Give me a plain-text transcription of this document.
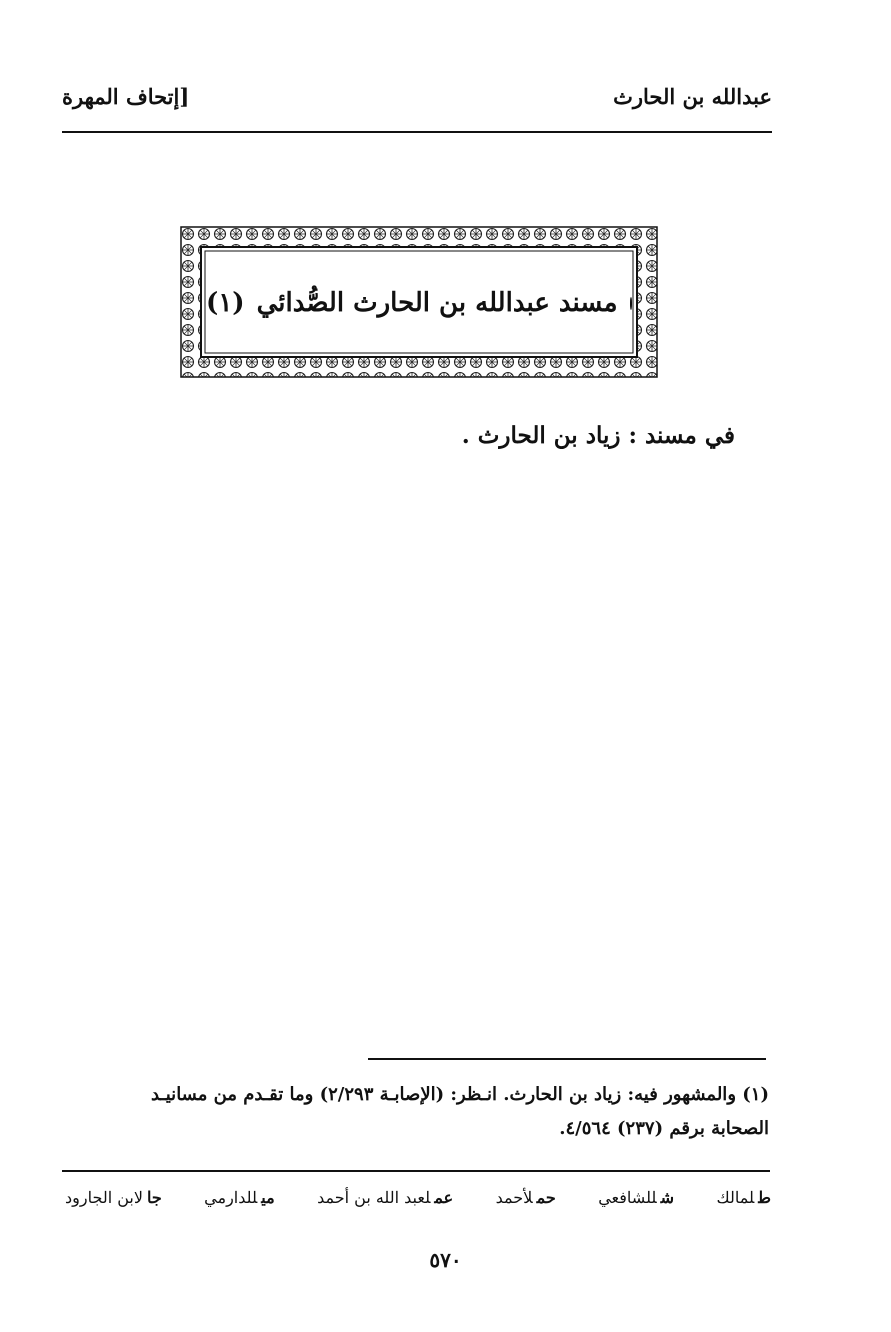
عبدالله بن الحارث
[إتحاف المهرة
مسند عبدالله بن الحارث الصُّدائي
(١)
في مسند : زياد بن الحارث .
(١) والمشهور فيه: زياد بن الحارث. انـظر: (الإصابـة ٢/٢٩٣) وما تقـدم من مسانيـد
الصحابة برقم (٢٣٧) ٤/٥٦٤.
طلمالك
شللشافعي
حملأحمد
عملعبد الله بن أحمد
ميللدارمي
جالابن الجارود
٥٧٠
